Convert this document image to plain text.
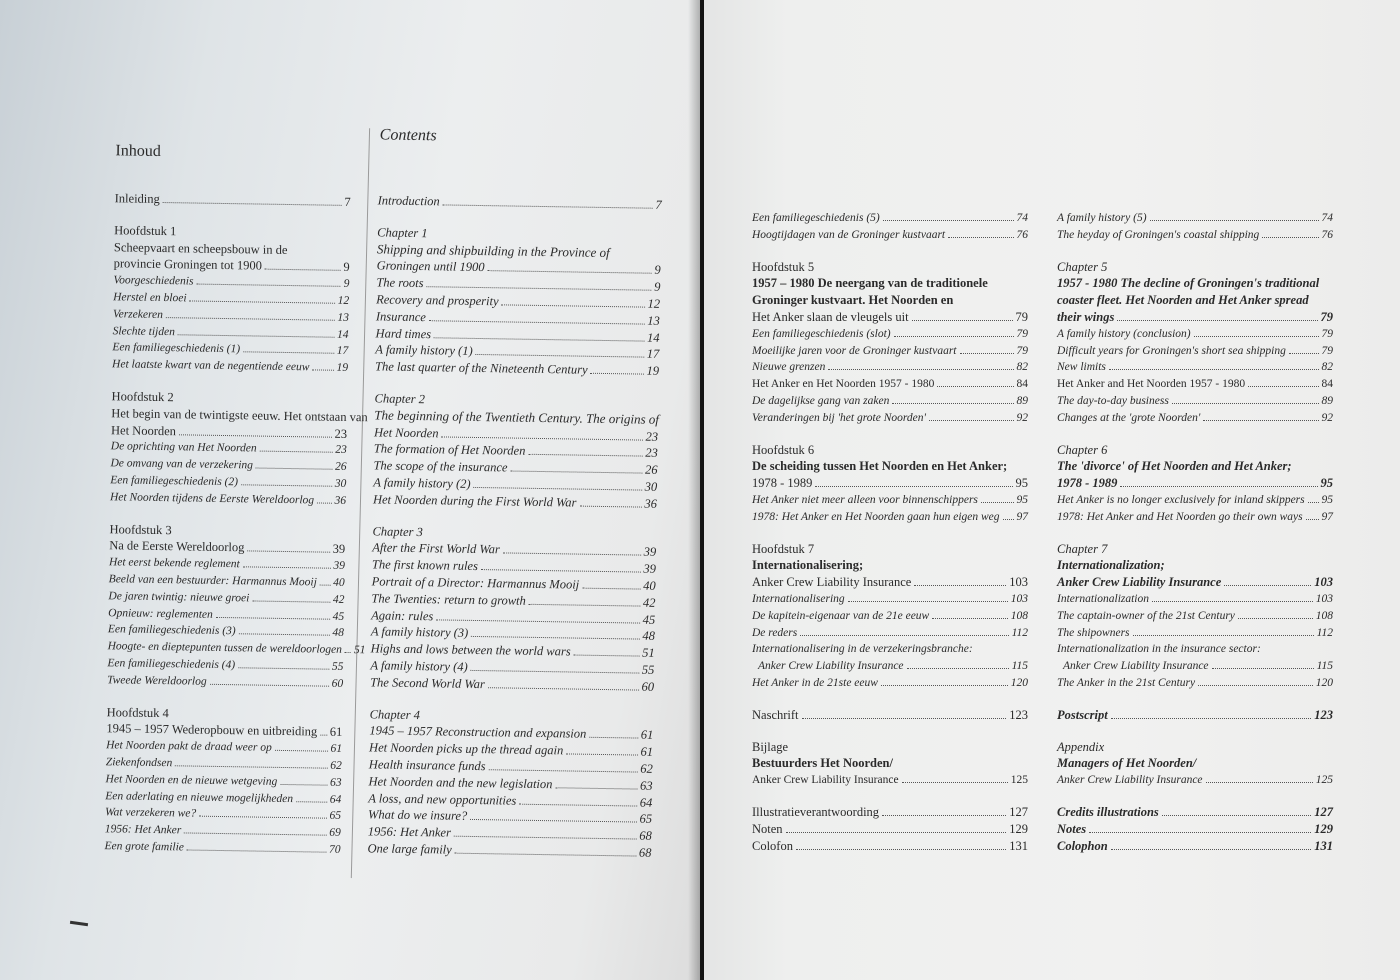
Inhoud
Contents
Inleiding	7
Hoofdstuk 1
Scheepvaart en scheepsbouw in de
provincie Groningen tot 1900	9
Voorgeschiedenis	9
Herstel en bloei	12
Verzekeren	13
Slechte tijden	14
Een familiegeschiedenis (1)	17
Het laatste kwart van de negentiende eeuw 19
Hoofdstuk 2
Het begin van de twintigste eeuw. Het ontstaan van
Het Noorden	23
De oprichting van Het Noorden	23
De omvang van de verzekering	26
Een familiegeschiedenis (2)	30
Het Noorden tijdens de Eerste Wereldoorlog 36
Hoofdstuk 3
Na de Eerste Wereldoorlog	39
Het eerst bekende reglement	39
Beeld van een bestuurder: Harmannus Mooij 40
De jaren twintig: nieuwe groei	42
Opnieuw: reglementen	45
Een familiegeschiedenis (3)	48
Hoogte- en dieptepunten tussen de wereldoorlogen 51
Een familiegeschiedenis (4)	55
Tweede Wereldoorlog	60
Hoofdstuk 4
1945 – 1957 Wederopbouw en uitbreiding 61
Het Noorden pakt de draad weer op	61
Ziekenfondsen	62
Het Noorden en de nieuwe wetgeving	63
Een aderlating en nieuwe mogelijkheden	64
Wat verzekeren we?	65
1956: Het Anker	69
Een grote familie	70
Introduction	7
Chapter 1
Shipping and shipbuilding in the Province of
Groningen until 1900	9
The roots	9
Recovery and prosperity	12
Insurance	13
Hard times	14
A family history (1)	17
The last quarter of the Nineteenth Century	19
Chapter 2
The beginning of the Twentieth Century. The origins of
Het Noorden	23
The formation of Het Noorden	23
The scope of the insurance	26
A family history (2)	30
Het Noorden during the First World War	36
Chapter 3
After the First World War	39
The first known rules	39
Portrait of a Director: Harmannus Mooij	40
The Twenties: return to growth	42
Again: rules	45
A family history (3)	48
Highs and lows between the world wars	51
A family history (4)	55
The Second World War	60
Chapter 4
1945 – 1957 Reconstruction and expansion	61
Het Noorden picks up the thread again	61
Health insurance funds	62
Het Noorden and the new legislation	63
A loss, and new opportunities	64
What do we insure?	65
1956: Het Anker	68
One large family	68
Een familiegeschiedenis (5)	74
Hoogtijdagen van de Groninger kustvaart	76
Hoofdstuk 5
1957 – 1980 De neergang van de traditionele
Groninger kustvaart. Het Noorden en
Het Anker slaan de vleugels uit	79
Een familiegeschiedenis (slot)	79
Moeilijke jaren voor de Groninger kustvaart	79
Nieuwe grenzen	82
Het Anker en Het Noorden 1957 - 1980	84
De dagelijkse gang van zaken	89
Veranderingen bij 'het grote Noorden'	92
Hoofdstuk 6
De scheiding tussen Het Noorden en Het Anker;
1978 - 1989	95
Het Anker niet meer alleen voor binnenschippers	95
1978: Het Anker en Het Noorden gaan hun eigen weg 97
Hoofdstuk 7
Internationalisering;
Anker Crew Liability Insurance	103
Internationalisering	103
De kapitein-eigenaar van de 21e eeuw	108
De reders	112
Internationalisering in de verzekeringsbranche:
Anker Crew Liability Insurance	115
Het Anker in de 21ste eeuw	120
Naschrift	123
Bijlage
Bestuurders Het Noorden/
Anker Crew Liability Insurance	125
Illustratieverantwoording	127
Noten	129
Colofon	131
A family history (5)	74
The heyday of Groningen's coastal shipping	76
Chapter 5
1957 - 1980 The decline of Groningen's traditional
coaster fleet. Het Noorden and Het Anker spread
their wings	79
A family history (conclusion)	79
Difficult years for Groningen's short sea shipping	79
New limits	82
Het Anker and Het Noorden 1957 - 1980	84
The day-to-day business	89
Changes at the 'grote Noorden'	92
Chapter 6
The 'divorce' of Het Noorden and Het Anker;
1978 - 1989	95
Het Anker is no longer exclusively for inland skippers 95
1978: Het Anker and Het Noorden go their own ways 97
Chapter 7
Internationalization;
Anker Crew Liability Insurance	103
Internationalization	103
The captain-owner of the 21st Century	108
The shipowners	112
Internationalization in the insurance sector:
Anker Crew Liability Insurance	115
The Anker in the 21st Century	120
Postscript	123
Appendix
Managers of Het Noorden/
Anker Crew Liability Insurance	125
Credits illustrations	127
Notes	129
Colophon	131
